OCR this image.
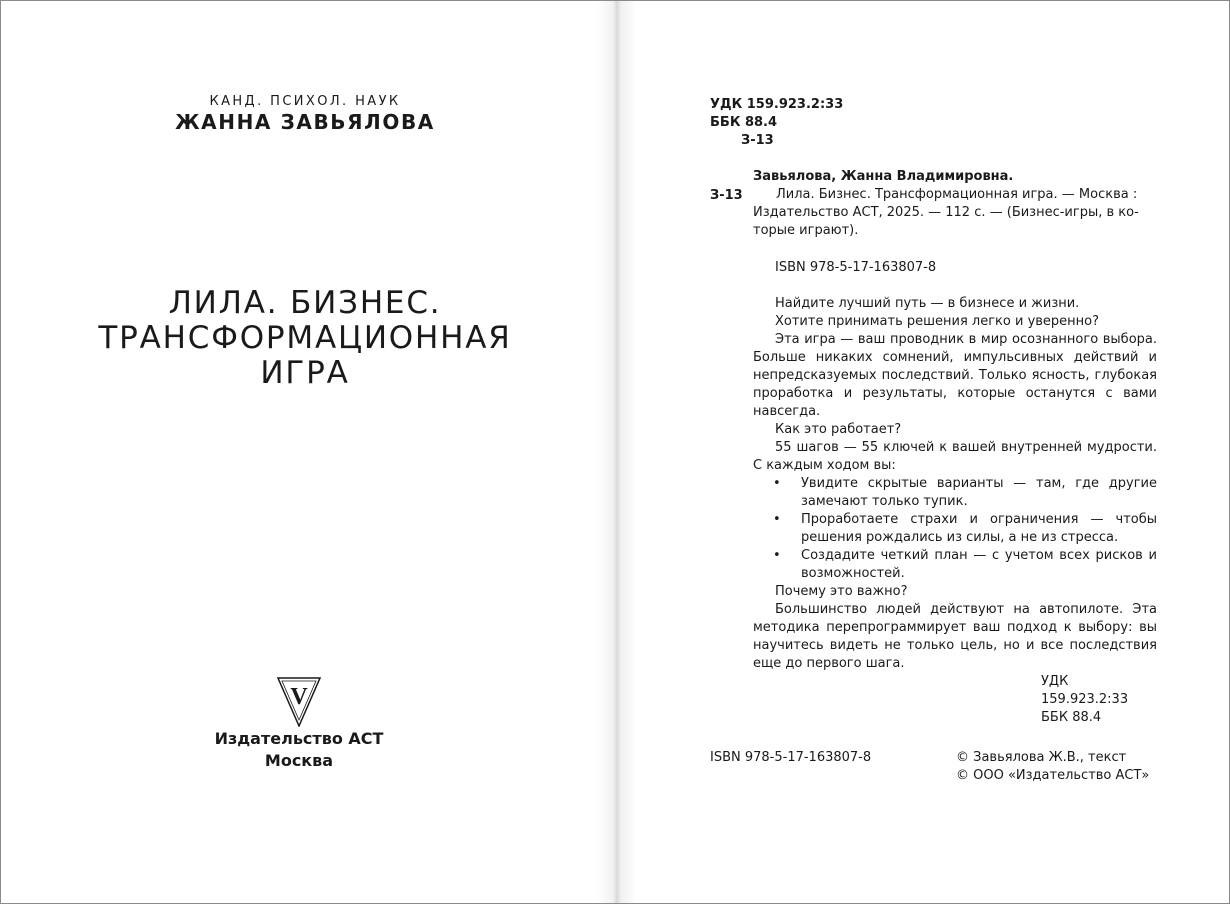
КАНД. ПСИХОЛ. НАУК
ЖАННА ЗАВЬЯЛОВА
ЛИЛА. БИЗНЕС.
ТРАНСФОРМАЦИОННАЯ
ИГРА
V
Издательство АСТ
Москва
УДК 159.923.2:33
ББК 88.4
З-13
Завьялова, Жанна Владимировна.
З-13	Лила. Бизнес. Трансформационная игра. — Москва :
Издательство АСТ, 2025. — 112 с. — (Бизнес-игры, в ко-
торые играют).
ISBN 978-5-17-163807-8

Найдите лучший путь — в бизнесе и жизни.

Хотите принимать решения легко и уверенно?

Эта игра — ваш проводник в мир осознанного выбора. Больше никаких сомнений, импульсивных действий и непредсказуемых последствий. Только ясность, глубокая проработка и результаты, которые останутся с вами навсегда.

Как это работает?

55 шагов — 55 ключей к вашей внутренней мудрости. С каждым ходом вы:

• Увидите скрытые варианты — там, где другие замечают только тупик.

• Проработаете страхи и ограничения — чтобы решения рождались из силы, а не из стресса.

• Создадите четкий план — с учетом всех рисков и возможностей.

Почему это важно?

Большинство людей действуют на автопилоте. Эта методика перепрограммирует ваш подход к выбору: вы научитесь видеть не только цель, но и все последствия еще до первого шага.

УДК 159.923.2:33

ББК 88.4

ISBN 978-5-17-163807-8	© Завьялова Ж.В., текст
© ООО «Издательство АСТ»
